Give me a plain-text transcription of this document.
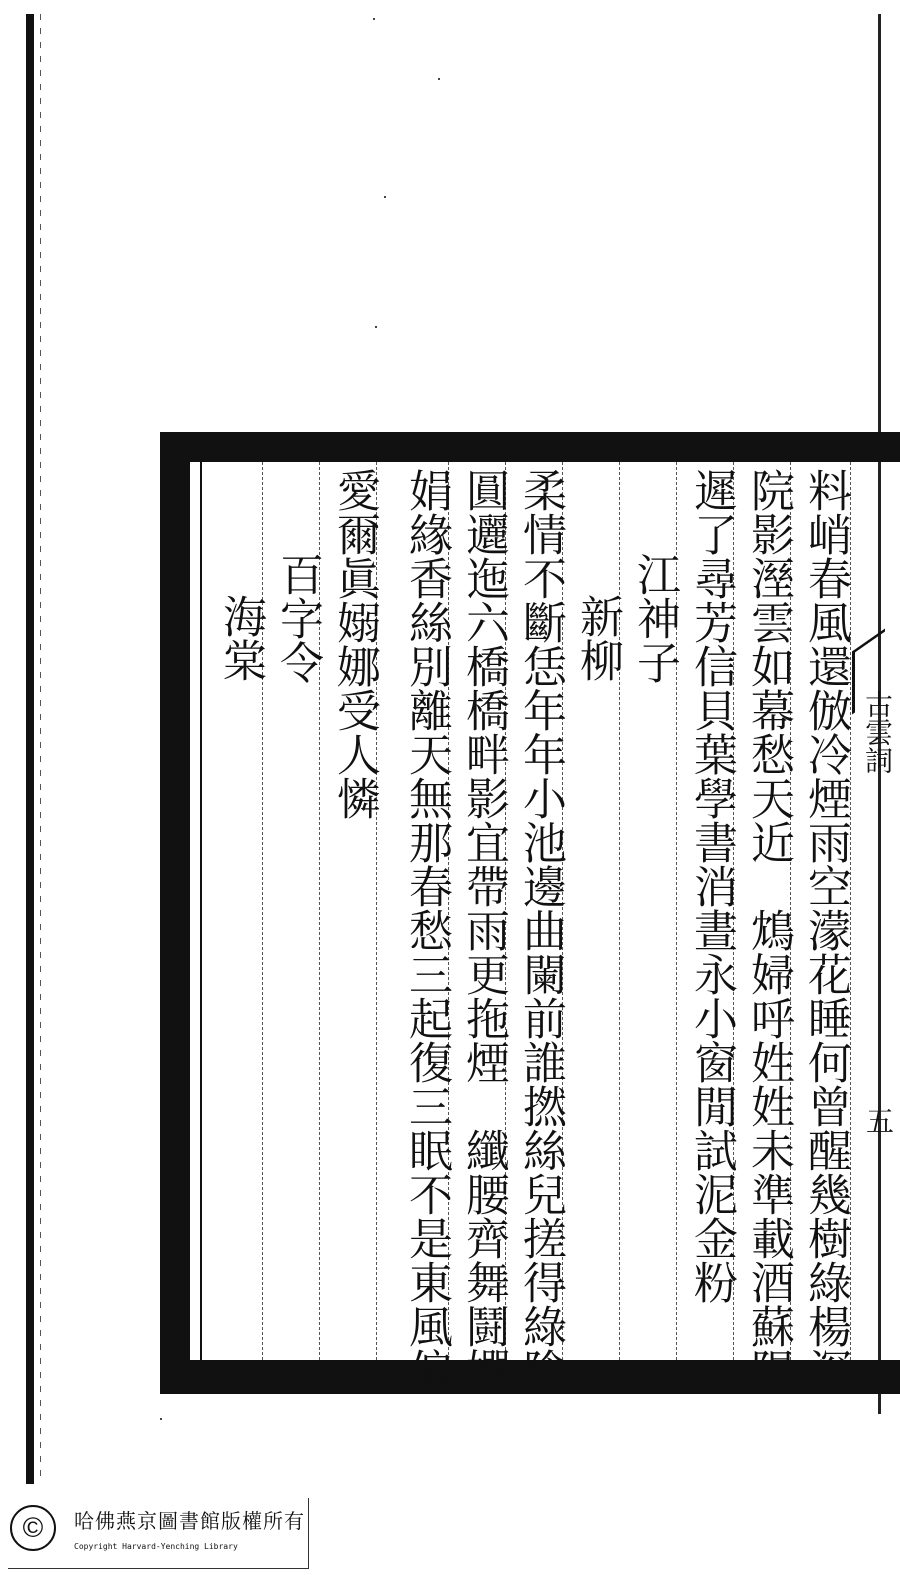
料峭春風還倣冷煙雨空濛花睡何曾醒幾樹綠楊深
院影溼雲如幕愁天近　鴆婦呼姓姓未準載酒蘇隄
遲了尋芳信貝葉學書消晝永小窗閒試泥金粉
江神子
新柳
柔情不斷恁年年小池邊曲闌前誰撚絲兒搓得綠陰
圓邐迤六橋橋畔影宜帶雨更拖煙　纖腰齊舞鬪嬋
娟緣香絲別離天無那春愁三起復三眠不是東風偏
愛爾眞嫋娜受人憐
百字令
海棠
古雲詞
五
©	哈佛燕京圖書館版權所有
Copyright Harvard-Yenching Library
